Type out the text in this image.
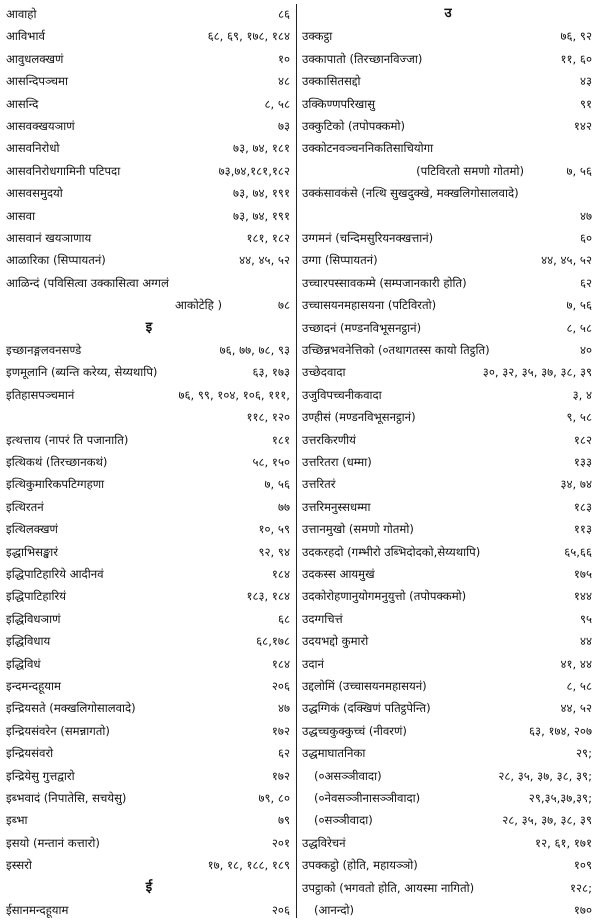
आवाहो	८६
आविभार्व	६८, ६९, १७८, १८४
आवुधलक्खणं	१०
आसन्दिपञ्चमा	४८
आसन्दि	८, ५८
आसवक्खयञाणं	७३
आसवनिरोधो	७३, ७४, १८१
आसवनिरोधगामिनी पटिपदा	७३,७४,१८१,१८२
आसवसमुदयो	७३, ७४, १९१
आसवा	७३, ७४, १९१
आसवानं खयञाणाय	१८१, १८२
आळारिका (सिप्पायतनं)	४४, ४५, ५२
आळिन्दं (पविसित्वा उक्कासित्वा अग्गलं
आकोटेहि )	७८
इ
इच्छानङ्गलवनसण्डे	७६, ७७, ७८, ९३
इणमूलानि (ब्यन्ति करेय्य, सेय्यथापि)	६३, १७३
इतिहासपञ्चमानं	७६, ९९, १०४, १०६, १११,
११८, १२०
इत्थत्ताय (नापरं ति पजानाति)	१८१
इत्थिकथं (तिरच्छानकथं)	५८, १५०
इत्थिकुमारिकपटिग्गहणा	७, ५६
इत्थिरतनं	७७
इत्थिलक्खणं	१०, ५९
इद्धाभिसङ्खारं	९२, ९४
इद्धिपाटिहारिये आदीनवं	१८४
इद्धिपाटिहारियं	१८३, १८४
इद्धिविधञाणं	६८
इद्धिविधाय	६८,१७८
इद्धिविधं	१८४
इन्दमन्दहूयाम	२०६
इन्द्रियसते (मक्खलिगोसालवादे)	४७
इन्द्रियसंवरेन (समन्नागतो)	१७२
इन्द्रियसंवरो	६२
इन्द्रियेसु गुत्तद्वारो	१७२
इब्भवादं (निपातेसि, सचयेसु)	७९, ८०
इब्भा	७९
इसयो (मन्तानं कत्तारो)	२०१
इस्सरो	१७, १८, १८८, १८९
ई
ईसानमन्दहूयाम	२०६
उ
उक्कट्ठा	७६, ९२
उक्कापातो (तिरच्छानविज्जा)	११, ६०
उक्कासितसद्दो	४३
उक्किण्णपरिखासु	९१
उक्कुटिको (तपोपक्कमो)	१४२
उक्कोटनवञ्चननिकतिसाचियोगा
(पटिविरतो समणो गोतमो)	७, ५६
उक्कंसावकंसे (नत्थि सुखदुक्खे, मक्खलिगोसालवादे)
४७
उग्गमनं (चन्दिमसुरियनक्खत्तानं)	६०
उग्गा (सिप्पायतनं)	४४, ४५, ५२
उच्चारपस्सावकम्मे (सम्पजानकारी होति)	६२
उच्चासयनमहासयना (पटिविरतो)	७, ५६
उच्छादनं (मण्डनविभूसनट्ठानं)	८, ५८
उच्छिन्नभवनेत्तिको (०तथागतस्स कायो तिट्ठति)	४०
उच्छेदवादा	३०, ३२, ३५, ३७, ३८, ३९
उजुविपच्चनीकवादा	३, ४
उण्हीसं (मण्डनविभूसनट्ठानं)	९, ५८
उत्तरकिरणीयं	१८२
उत्तरितरा (धम्मा)	१३३
उत्तरितरं	३४, ७४
उत्तरिमनुस्सधम्मा	१८३
उत्तानमुखो (समणो गोतमो)	११३
उदकरहदो (गम्भीरो उब्भिदोदको,सेय्यथापि)	६५,६६
उदकस्स आयमुखं	१७५
उदकोरोहणानुयोगमनुयुत्तो (तपोपक्कमो)	१४४
उदग्गचित्तं	९५
उदयभद्दो कुमारो	४४
उदानं	४१, ४४
उद्दलोमिं (उच्चासयनमहासयनं)	८, ५८
उद्धग्गिकं (दक्खिणं पतिट्ठपेन्ति)	४४, ५२
उद्धच्चकुक्कुच्चं (नीवरणं)	६३, १७४, २०७
उद्धमाघातनिका	२९;
(०असञ्ञीवादा)	२८, ३५, ३७, ३८, ३९;
(०नेवसञ्ञीनासञ्ञीवादा)	२९,३५,३७,३९;
(०सञ्ञीवादा)	२८, ३५, ३७, ३८, ३९
उद्धविरेचनं	१२, ६१, १७१
उपक्कट्ठो (होति, महायञ्ञो)	१०९
उपट्ठाको (भगवतो होति, आयस्मा नागितो)	१२८;
(आनन्दो)	१७०
